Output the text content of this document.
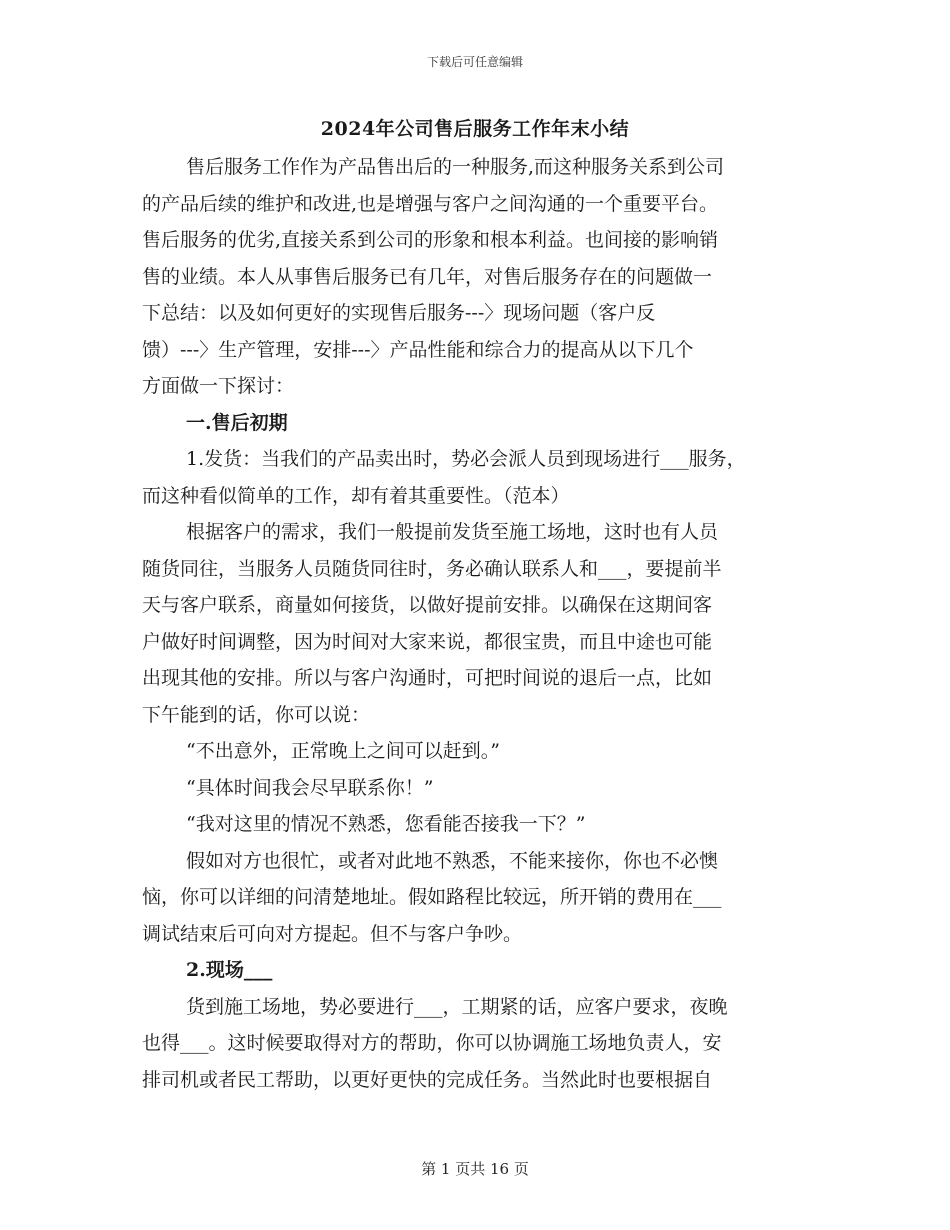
下载后可任意编辑
2024年公司售后服务工作年末小结
售后服务工作作为产品售出后的一种服务,而这种服务关系到公司
的产品后续的维护和改进,也是增强与客户之间沟通的一个重要平台。
售后服务的优劣,直接关系到公司的形象和根本利益。也间接的影响销
售的业绩。本人从事售后服务已有几年，对售后服务存在的问题做一
下总结：以及如何更好的实现售后服务---〉现场问题（客户反
馈）---〉生产管理，安排---〉产品性能和综合力的提高从以下几个
方面做一下探讨：
一.售后初期
1.发货：当我们的产品卖出时，势必会派人员到现场进行___服务，
而这种看似简单的工作，却有着其重要性。（范本）
根据客户的需求，我们一般提前发货至施工场地，这时也有人员
随货同往，当服务人员随货同往时，务必确认联系人和___，要提前半
天与客户联系，商量如何接货，以做好提前安排。以确保在这期间客
户做好时间调整，因为时间对大家来说，都很宝贵，而且中途也可能
出现其他的安排。所以与客户沟通时，可把时间说的退后一点，比如
下午能到的话，你可以说：
“不出意外，正常晚上之间可以赶到。”
“具体时间我会尽早联系你！”
“我对这里的情况不熟悉，您看能否接我一下？”
假如对方也很忙，或者对此地不熟悉，不能来接你，你也不必懊
恼，你可以详细的问清楚地址。假如路程比较远，所开销的费用在___
调试结束后可向对方提起。但不与客户争吵。
2.现场___
货到施工场地，势必要进行___，工期紧的话，应客户要求，夜晚
也得___。这时候要取得对方的帮助，你可以协调施工场地负责人，安
排司机或者民工帮助，以更好更快的完成任务。当然此时也要根据自
第 1 页共 16 页
